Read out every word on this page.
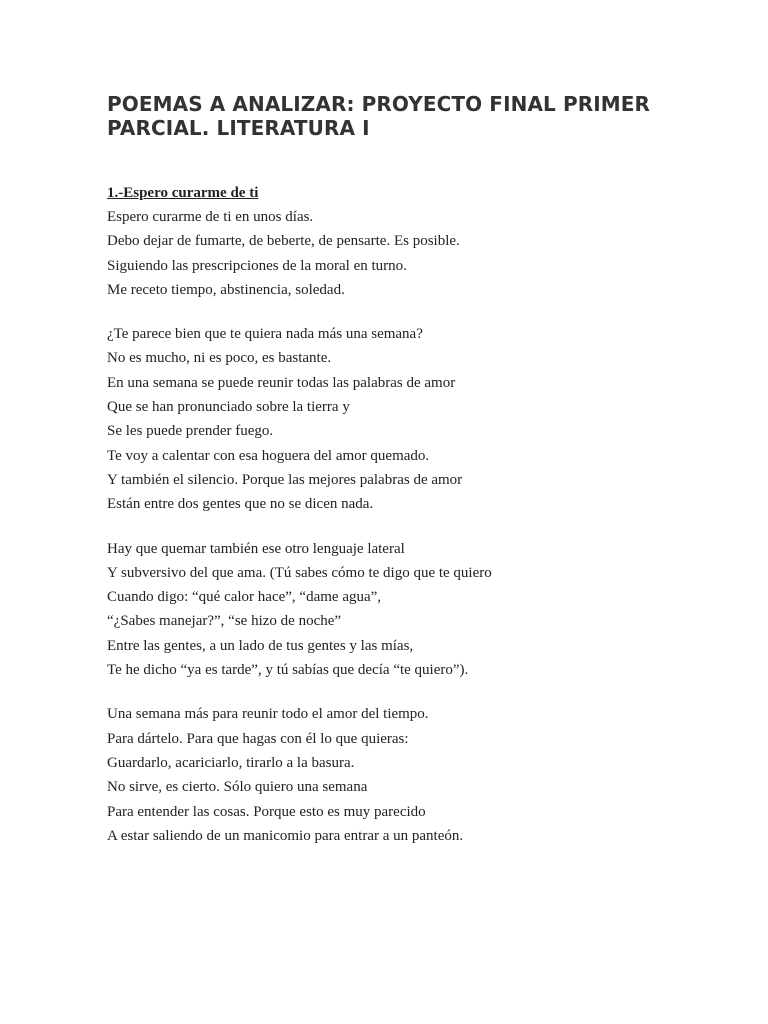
POEMAS A ANALIZAR: PROYECTO FINAL PRIMER PARCIAL. LITERATURA I
1.-Espero curarme de ti
Espero curarme de ti en unos días.
Debo dejar de fumarte, de beberte, de pensarte. Es posible.
Siguiendo las prescripciones de la moral en turno.
Me receto tiempo, abstinencia, soledad.
¿Te parece bien que te quiera nada más una semana?
No es mucho, ni es poco, es bastante.
En una semana se puede reunir todas las palabras de amor
Que se han pronunciado sobre la tierra y
Se les puede prender fuego.
Te voy a calentar con esa hoguera del amor quemado.
Y también el silencio. Porque las mejores palabras de amor
Están entre dos gentes que no se dicen nada.
Hay que quemar también ese otro lenguaje lateral
Y subversivo del que ama. (Tú sabes cómo te digo que te quiero
Cuando digo: “qué calor hace”, “dame agua”,
“¿Sabes manejar?”, “se hizo de noche”
Entre las gentes, a un lado de tus gentes y las mías,
Te he dicho “ya es tarde”, y tú sabías que decía “te quiero”).
Una semana más para reunir todo el amor del tiempo.
Para dártelo. Para que hagas con él lo que quieras:
Guardarlo, acariciarlo, tirarlo a la basura.
No sirve, es cierto. Sólo quiero una semana
Para entender las cosas. Porque esto es muy parecido
A estar saliendo de un manicomio para entrar a un panteón.
